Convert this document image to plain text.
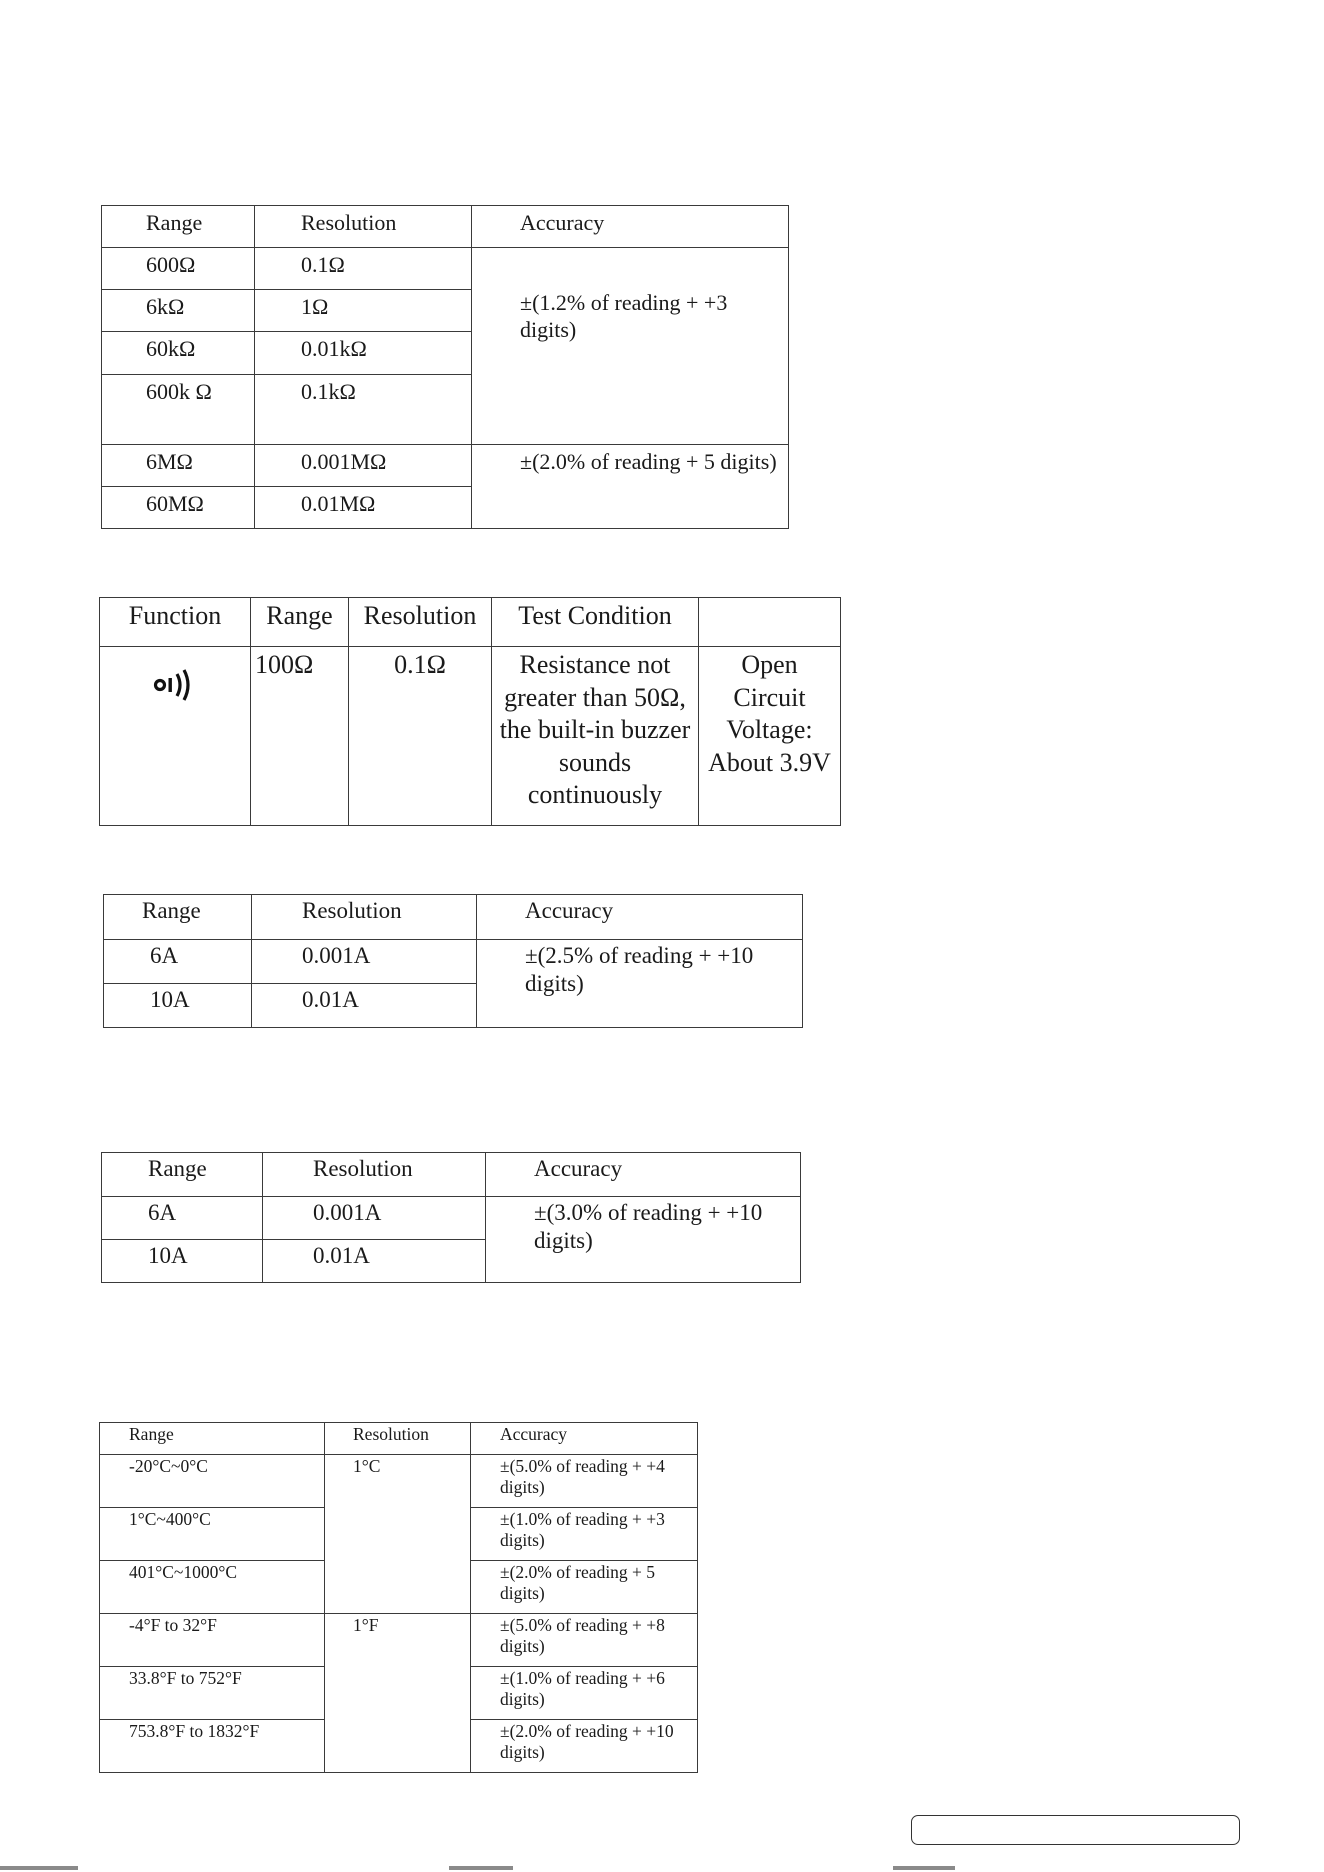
Range	Resolution	Accuracy
600Ω	0.1Ω	±(1.2% of reading + +3 digits)
6kΩ	1Ω	
60kΩ	0.01kΩ	
600k Ω	0.1kΩ	
6MΩ	0.001MΩ	±(2.0% of reading + 5 digits)
60MΩ	0.01MΩ	
Function	Range	Resolution	Test Condition	

	100Ω	0.1Ω	Resistance not greater than 50Ω, the built-in buzzer sounds continuously	Open Circuit Voltage: About 3.9V
Range	Resolution	Accuracy
6A	0.001A	±(2.5% of reading + +10 digits)
10A	0.01A	
Range	Resolution	Accuracy
6A	0.001A	±(3.0% of reading + +10 digits)
10A	0.01A	
Range	Resolution	Accuracy
-20°C~0°C	1°C	±(5.0% of reading + +4 digits)
1°C~400°C		±(1.0% of reading + +3 digits)
401°C~1000°C		±(2.0% of reading + 5 digits)
-4°F to 32°F	1°F	±(5.0% of reading + +8 digits)
33.8°F to 752°F		±(1.0% of reading + +6 digits)
753.8°F to 1832°F		±(2.0% of reading + +10 digits)
